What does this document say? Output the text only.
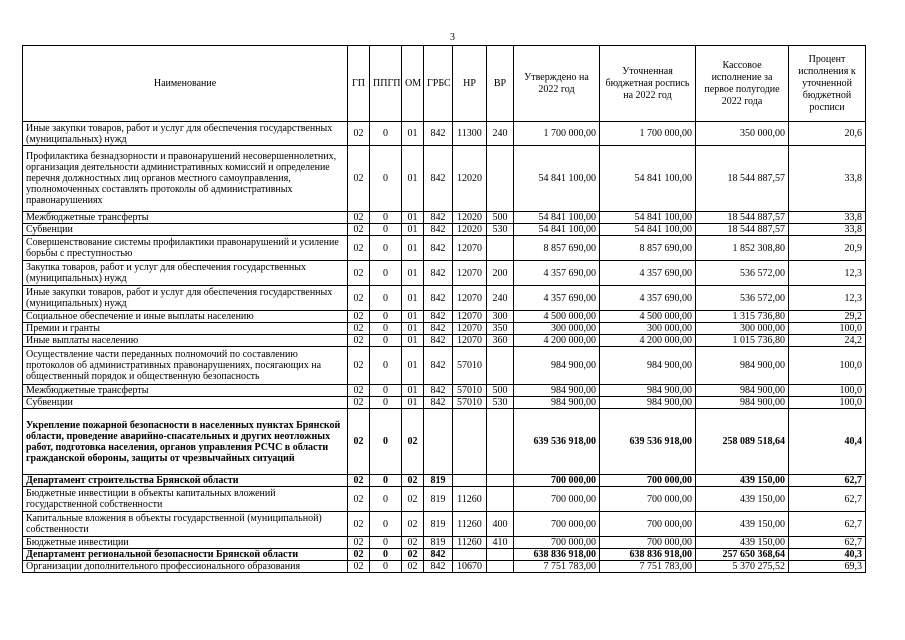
3
Наименование	ГП	ППГП	ОМ	ГРБС	НР	ВР	Утверждено на 2022 год	Уточненная бюджетная роспись на 2022 год	Кассовое исполнение за первое полугодие 2022 года	Процент исполнения к уточненной бюджетной росписи
Иные закупки товаров, работ и услуг для обеспечения государственных (муниципальных) нужд	02	0	01	842	11300	240	1 700 000,00	1 700 000,00	350 000,00	20,6
Профилактика безнадзорности и правонарушений несовершеннолетних, организация деятельности административных комиссий и определение перечня должностных лиц органов местного самоуправления, уполномоченных составлять протоколы об административных правонарушениях	02	0	01	842	12020		54 841 100,00	54 841 100,00	18 544 887,57	33,8
Межбюджетные трансферты	02	0	01	842	12020	500	54 841 100,00	54 841 100,00	18 544 887,57	33,8
Субвенции	02	0	01	842	12020	530	54 841 100,00	54 841 100,00	18 544 887,57	33,8
Совершенствование системы профилактики правонарушений и усиление борьбы с преступностью	02	0	01	842	12070		8 857 690,00	8 857 690,00	1 852 308,80	20,9
Закупка товаров, работ и услуг для обеспечения государственных (муниципальных) нужд	02	0	01	842	12070	200	4 357 690,00	4 357 690,00	536 572,00	12,3
Иные закупки товаров, работ и услуг для обеспечения государственных (муниципальных) нужд	02	0	01	842	12070	240	4 357 690,00	4 357 690,00	536 572,00	12,3
Социальное обеспечение и иные выплаты населению	02	0	01	842	12070	300	4 500 000,00	4 500 000,00	1 315 736,80	29,2
Премии и гранты	02	0	01	842	12070	350	300 000,00	300 000,00	300 000,00	100,0
Иные выплаты населению	02	0	01	842	12070	360	4 200 000,00	4 200 000,00	1 015 736,80	24,2
Осуществление части переданных полномочий по составлению протоколов об административных правонарушениях, посягающих на общественный порядок и общественную безопасность	02	0	01	842	57010		984 900,00	984 900,00	984 900,00	100,0
Межбюджетные трансферты	02	0	01	842	57010	500	984 900,00	984 900,00	984 900,00	100,0
Субвенции	02	0	01	842	57010	530	984 900,00	984 900,00	984 900,00	100,0
Укрепление пожарной безопасности в населенных пунктах Брянской области, проведение аварийно-спасательных и других неотложных работ, подготовка населения, органов управления РСЧС в области гражданской обороны, защиты от чрезвычайных ситуаций	02	0	02				639 536 918,00	639 536 918,00	258 089 518,64	40,4
Департамент строительства Брянской области	02	0	02	819			700 000,00	700 000,00	439 150,00	62,7
Бюджетные инвестиции в объекты капитальных вложений государственной собственности	02	0	02	819	11260		700 000,00	700 000,00	439 150,00	62,7
Капитальные вложения в объекты государственной (муниципальной) собственности	02	0	02	819	11260	400	700 000,00	700 000,00	439 150,00	62,7
Бюджетные инвестиции	02	0	02	819	11260	410	700 000,00	700 000,00	439 150,00	62,7
Департамент региональной безопасности Брянской области	02	0	02	842			638 836 918,00	638 836 918,00	257 650 368,64	40,3
Организации дополнительного профессионального образования	02	0	02	842	10670		7 751 783,00	7 751 783,00	5 370 275,52	69,3
